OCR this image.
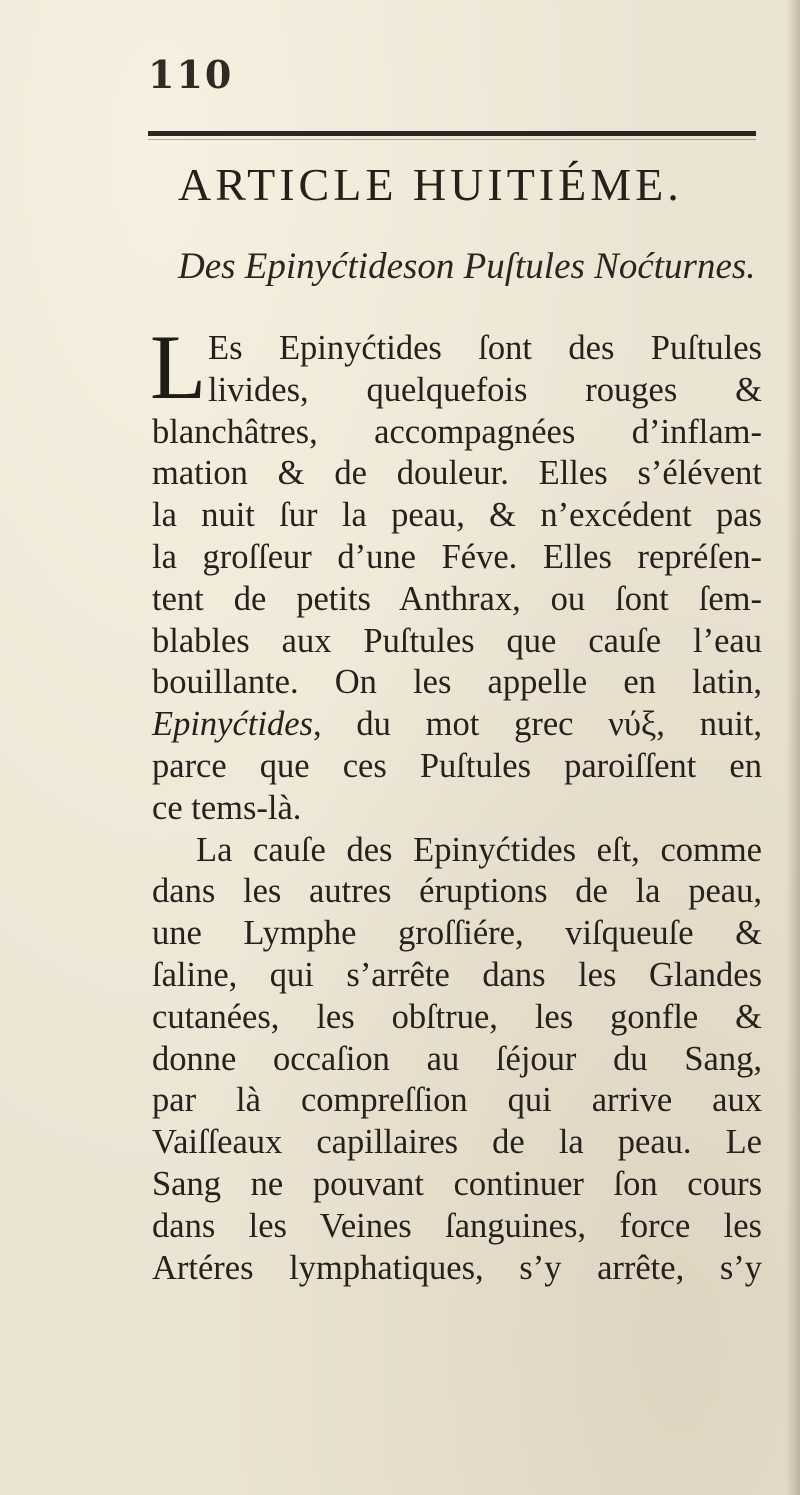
110
ARTICLE HUITIÉME.
Des Epinyćtideson Puſtules Noćturnes.
L Es Epinyćtides ſont des Puſtules
livides, quelquefois rouges &
blanchâtres, accompagnées d’inflam-
mation & de douleur. Elles s’élévent
la nuit ſur la peau, & n’excédent pas
la groſſeur d’une Féve. Elles repréſen-
tent de petits Anthrax, ou ſont ſem-
blables aux Puſtules que cauſe l’eau
bouillante. On les appelle en latin,
Epinyćtides, du mot grec νύξ, nuit,
parce que ces Puſtules paroiſſent en
ce tems-là.
La cauſe des Epinyćtides eſt, comme
dans les autres éruptions de la peau,
une Lymphe groſſiére, viſqueuſe &
ſaline, qui s’arrête dans les Glandes
cutanées, les obſtrue, les gonfle &
donne occaſion au ſéjour du Sang,
par là compreſſion qui arrive aux
Vaiſſeaux capillaires de la peau. Le
Sang ne pouvant continuer ſon cours
dans les Veines ſanguines, force les
Artéres lymphatiques, s’y arrête, s’y
